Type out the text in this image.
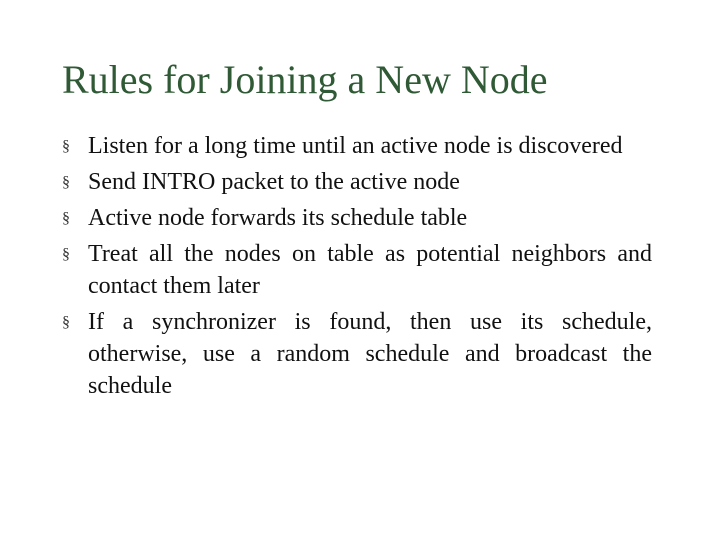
Rules for Joining a New Node
§ Listen for a long time until an active node is discovered
§ Send INTRO packet to the active node
§ Active node forwards its schedule table
§ Treat all the nodes on table as potential neighbors and contact them later
§ If a synchronizer is found, then use its schedule, otherwise, use a random schedule and broadcast the schedule
